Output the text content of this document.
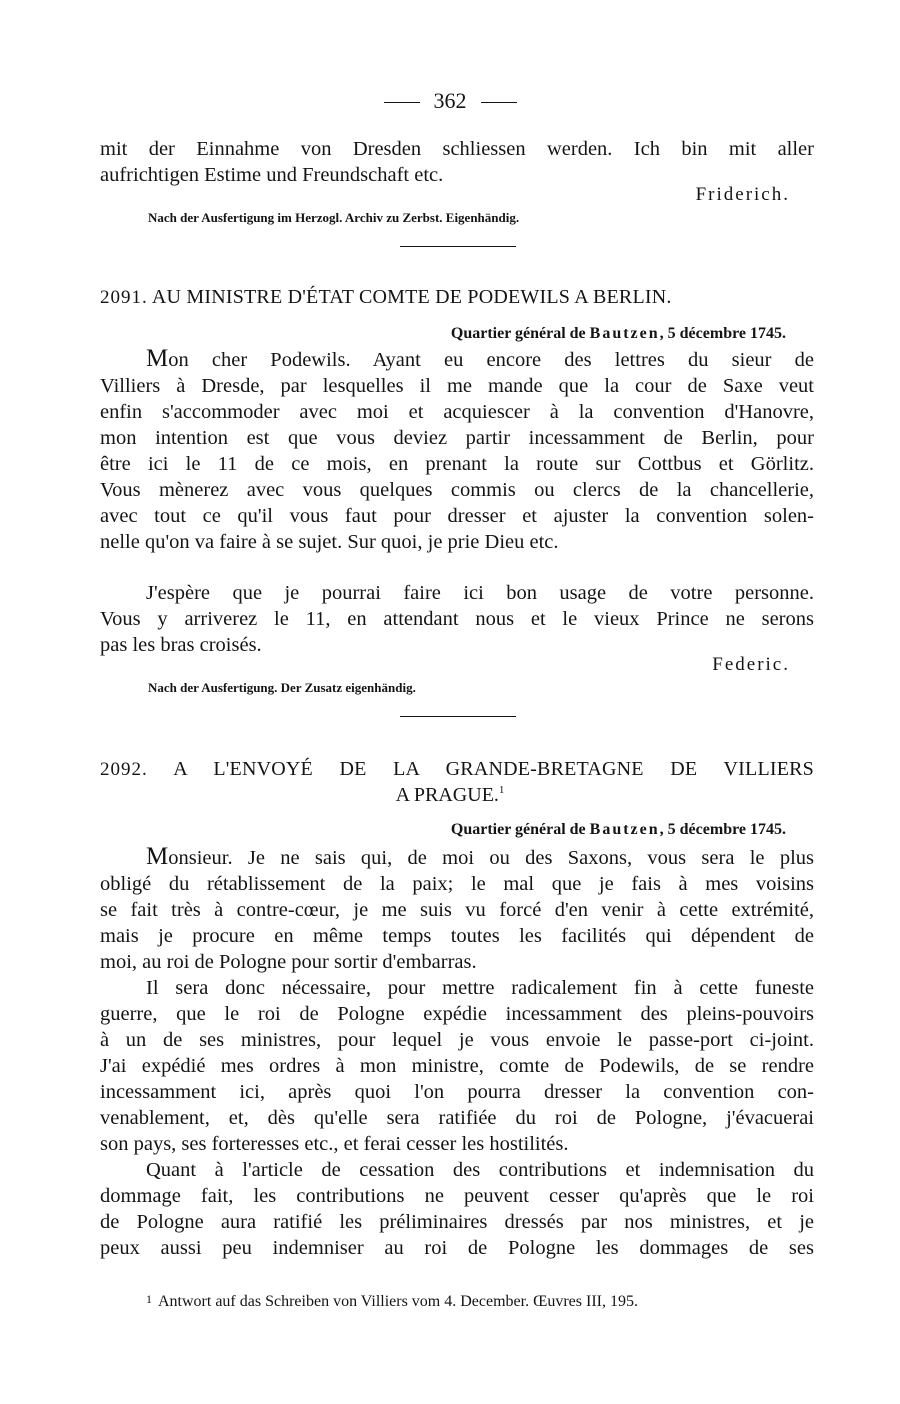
362
mit der Einnahme von Dresden schliessen werden. Ich bin mit aller
aufrichtigen Estime und Freundschaft etc.
Friderich.
Nach der Ausfertigung im Herzogl. Archiv zu Zerbst. Eigenhändig.
2091. AU MINISTRE D'ÉTAT COMTE DE PODEWILS A BERLIN.
Quartier général de Bautzen, 5 décembre 1745.
Mon cher Podewils. Ayant eu encore des lettres du sieur de
Villiers à Dresde, par lesquelles il me mande que la cour de Saxe veut
enfin s'accommoder avec moi et acquiescer à la convention d'Hanovre,
mon intention est que vous deviez partir incessamment de Berlin, pour
être ici le 11 de ce mois, en prenant la route sur Cottbus et Görlitz.
Vous mènerez avec vous quelques commis ou clercs de la chancellerie,
avec tout ce qu'il vous faut pour dresser et ajuster la convention solen-
nelle qu'on va faire à se sujet. Sur quoi, je prie Dieu etc.
J'espère que je pourrai faire ici bon usage de votre personne.
Vous y arriverez le 11, en attendant nous et le vieux Prince ne serons
pas les bras croisés.
Federic.
Nach der Ausfertigung. Der Zusatz eigenhändig.
2092. A L'ENVOYÉ DE LA GRANDE-BRETAGNE DE VILLIERS
A PRAGUE.$^1$
Quartier général de Bautzen, 5 décembre 1745.
Monsieur. Je ne sais qui, de moi ou des Saxons, vous sera le plus
obligé du rétablissement de la paix; le mal que je fais à mes voisins
se fait très à contre-cœur, je me suis vu forcé d'en venir à cette extrémité,
mais je procure en même temps toutes les facilités qui dépendent de
moi, au roi de Pologne pour sortir d'embarras.
Il sera donc nécessaire, pour mettre radicalement fin à cette funeste
guerre, que le roi de Pologne expédie incessamment des pleins-pouvoirs
à un de ses ministres, pour lequel je vous envoie le passe-port ci-joint.
J'ai expédié mes ordres à mon ministre, comte de Podewils, de se rendre
incessamment ici, après quoi l'on pourra dresser la convention con-
venablement, et, dès qu'elle sera ratifiée du roi de Pologne, j'évacuerai
son pays, ses forteresses etc., et ferai cesser les hostilités.
Quant à l'article de cessation des contributions et indemnisation du
dommage fait, les contributions ne peuvent cesser qu'après que le roi
de Pologne aura ratifié les préliminaires dressés par nos ministres, et je
peux aussi peu indemniser au roi de Pologne les dommages de ses
1 Antwort auf das Schreiben von Villiers vom 4. December. Œuvres III, 195.
